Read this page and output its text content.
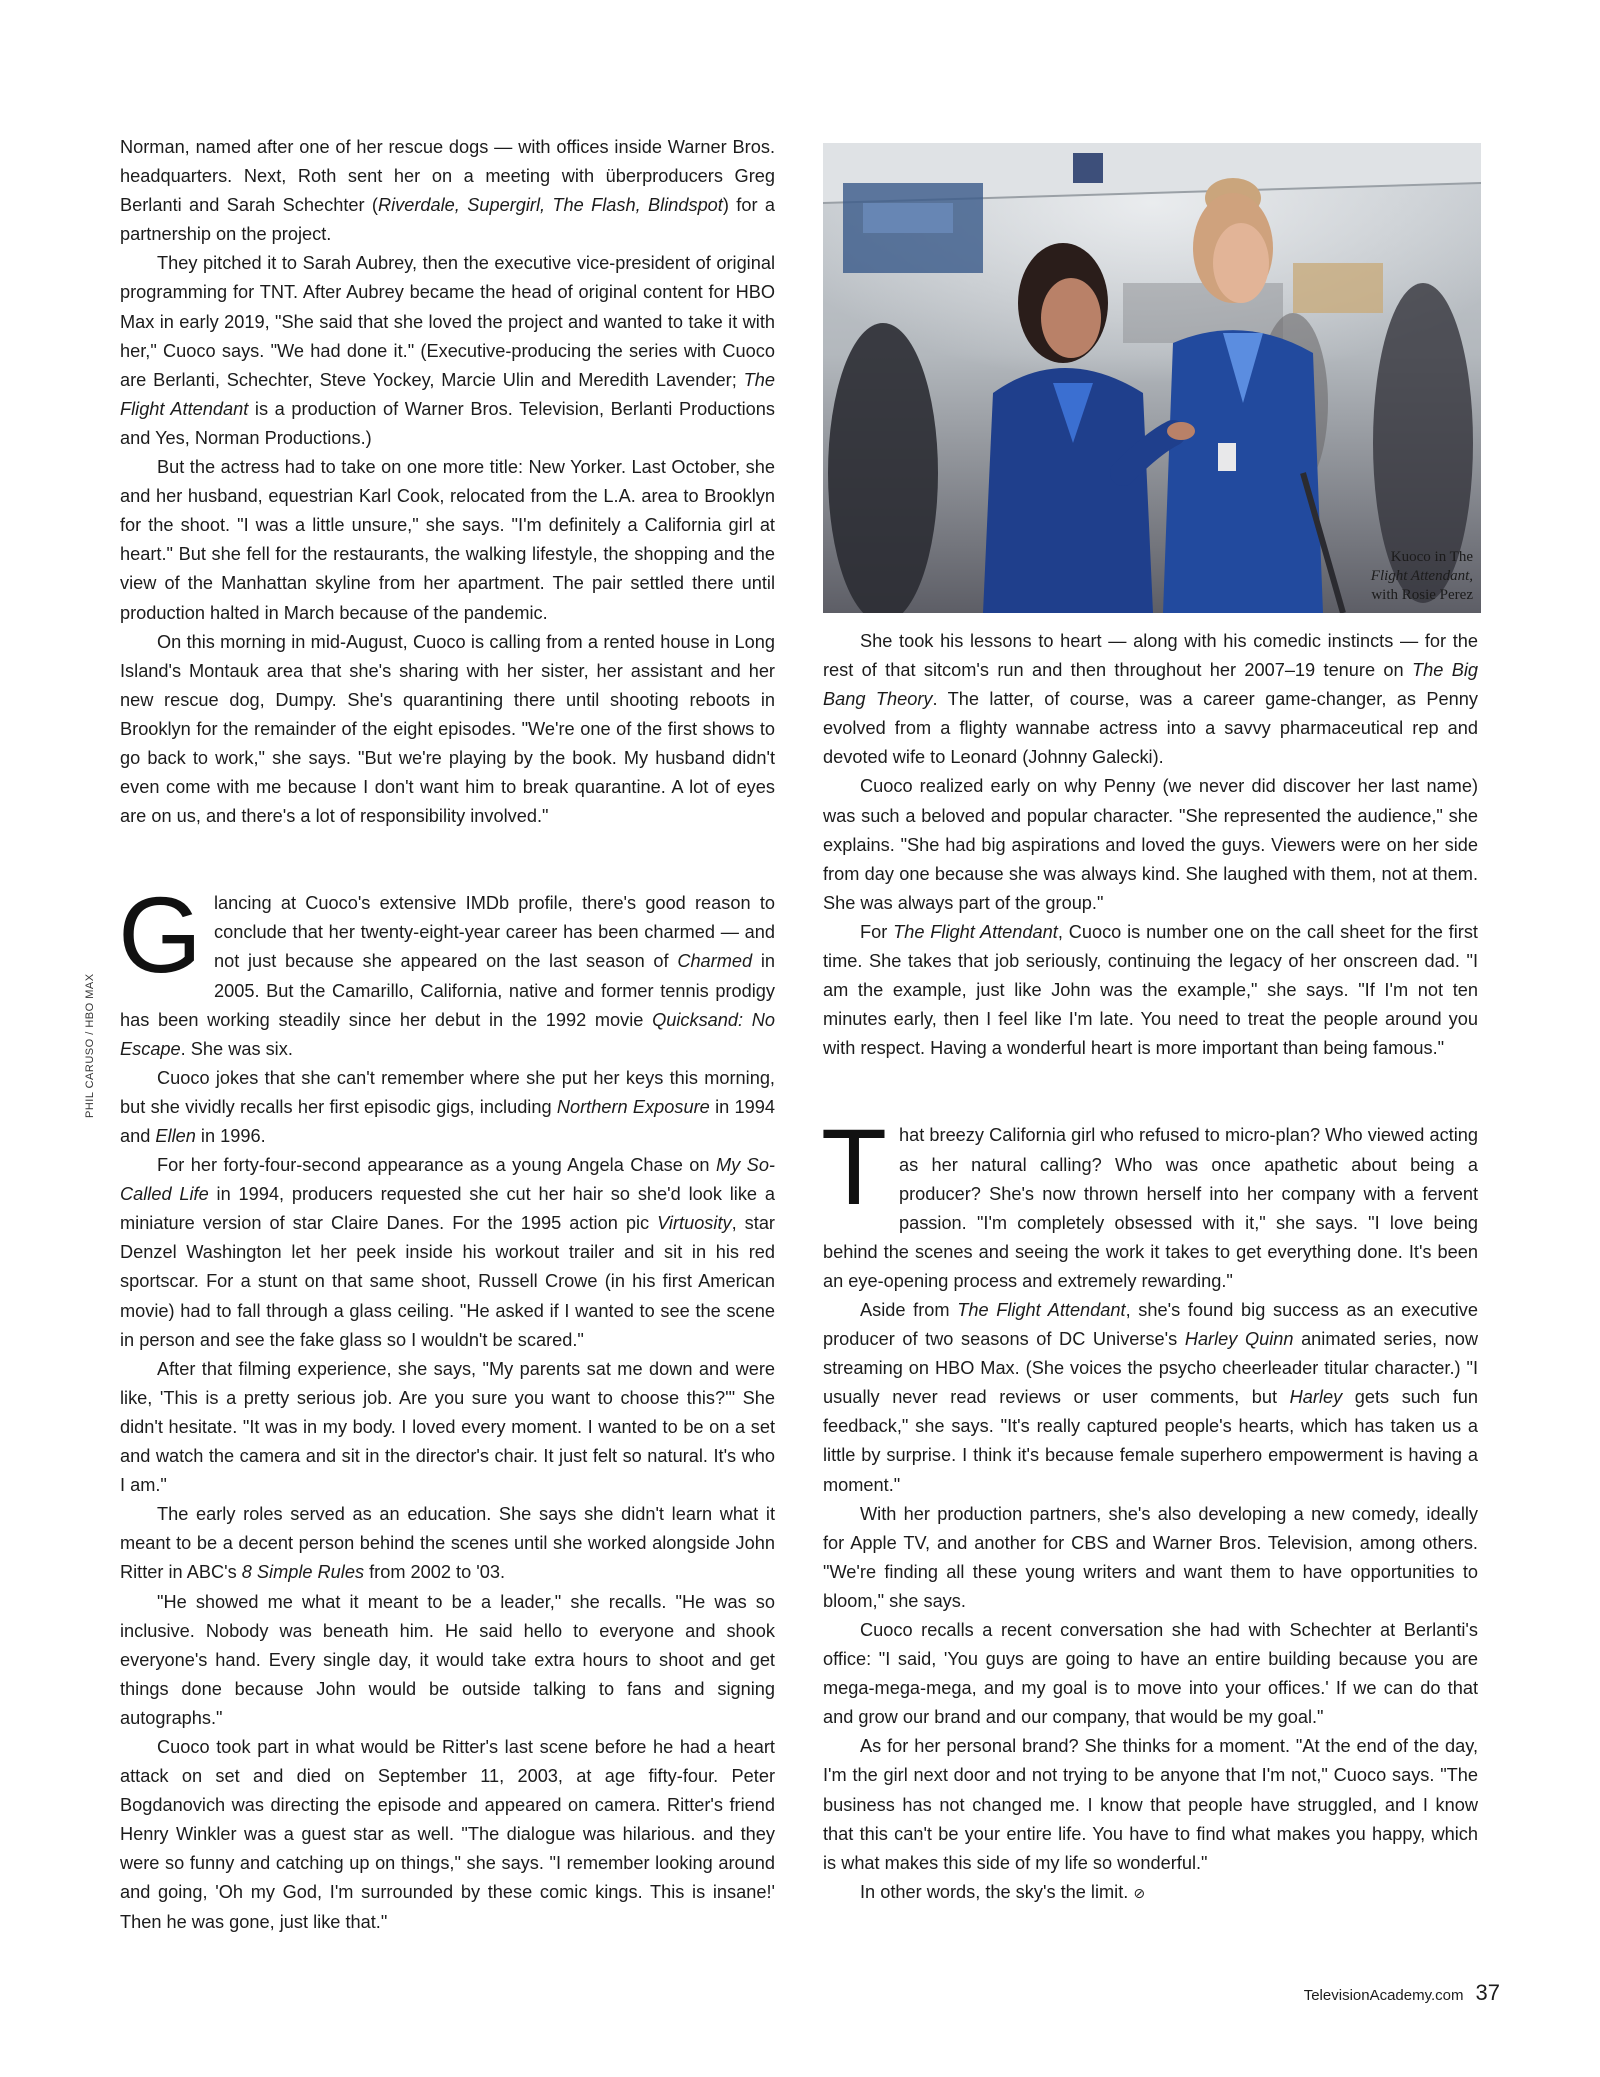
Kuoco in The
Flight Attendant,
with Rosie Perez
PHIL CARUSO / HBO MAX

Norman, named after one of her rescue dogs — with offices inside Warner Bros. headquarters. Next, Roth sent her on a meeting with überproducers Greg Berlanti and Sarah Schechter (Riverdale, Supergirl, The Flash, Blindspot) for a partnership on the project.

They pitched it to Sarah Aubrey, then the executive vice-president of original programming for TNT. After Aubrey became the head of original content for HBO Max in early 2019, "She said that she loved the project and wanted to take it with her," Cuoco says. "We had done it." (Executive-producing the series with Cuoco are Berlanti, Schechter, Steve Yockey, Marcie Ulin and Meredith Lavender; The Flight Attendant is a production of Warner Bros. Television, Berlanti Productions and Yes, Norman Productions.)

But the actress had to take on one more title: New Yorker. Last October, she and her husband, equestrian Karl Cook, relocated from the L.A. area to Brooklyn for the shoot. "I was a little unsure," she says. "I'm definitely a California girl at heart." But she fell for the restaurants, the walking lifestyle, the shopping and the view of the Manhattan skyline from her apartment. The pair settled there until production halted in March because of the pandemic.

On this morning in mid-August, Cuoco is calling from a rented house in Long Island's Montauk area that she's sharing with her sister, her assistant and her new rescue dog, Dumpy. She's quarantining there until shooting reboots in Brooklyn for the remainder of the eight episodes. "We're one of the first shows to go back to work," she says. "But we're playing by the book. My husband didn't even come with me because I don't want him to break quarantine. A lot of eyes are on us, and there's a lot of responsibility involved."

Glancing at Cuoco's extensive IMDb profile, there's good reason to conclude that her twenty-eight-year career has been charmed — and not just because she appeared on the last season of Charmed in 2005. But the Camarillo, California, native and former tennis prodigy has been working steadily since her debut in the 1992 movie Quicksand: No Escape. She was six.

Cuoco jokes that she can't remember where she put her keys this morning, but she vividly recalls her first episodic gigs, including Northern Exposure in 1994 and Ellen in 1996.

For her forty-four-second appearance as a young Angela Chase on My So-Called Life in 1994, producers requested she cut her hair so she'd look like a miniature version of star Claire Danes. For the 1995 action pic Virtuosity, star Denzel Washington let her peek inside his workout trailer and sit in his red sportscar. For a stunt on that same shoot, Russell Crowe (in his first American movie) had to fall through a glass ceiling. "He asked if I wanted to see the scene in person and see the fake glass so I wouldn't be scared."

After that filming experience, she says, "My parents sat me down and were like, 'This is a pretty serious job. Are you sure you want to choose this?'" She didn't hesitate. "It was in my body. I loved every moment. I wanted to be on a set and watch the camera and sit in the director's chair. It just felt so natural. It's who I am."

The early roles served as an education. She says she didn't learn what it meant to be a decent person behind the scenes until she worked alongside John Ritter in ABC's 8 Simple Rules from 2002 to '03.

"He showed me what it meant to be a leader," she recalls. "He was so inclusive. Nobody was beneath him. He said hello to everyone and shook everyone's hand. Every single day, it would take extra hours to shoot and get things done because John would be outside talking to fans and signing autographs."

Cuoco took part in what would be Ritter's last scene before he had a heart attack on set and died on September 11, 2003, at age fifty-four. Peter Bogdanovich was directing the episode and appeared on camera. Ritter's friend Henry Winkler was a guest star as well. "The dialogue was hilarious. and they were so funny and catching up on things," she says. "I remember looking around and going, 'Oh my God, I'm surrounded by these comic kings. This is insane!' Then he was gone, just like that."

She took his lessons to heart — along with his comedic instincts — for the rest of that sitcom's run and then throughout her 2007–19 tenure on The Big Bang Theory. The latter, of course, was a career game-changer, as Penny evolved from a flighty wannabe actress into a savvy pharmaceutical rep and devoted wife to Leonard (Johnny Galecki).

Cuoco realized early on why Penny (we never did discover her last name) was such a beloved and popular character. "She represented the audience," she explains. "She had big aspirations and loved the guys. Viewers were on her side from day one because she was always kind. She laughed with them, not at them. She was always part of the group."

For The Flight Attendant, Cuoco is number one on the call sheet for the first time. She takes that job seriously, continuing the legacy of her onscreen dad. "I am the example, just like John was the example," she says. "If I'm not ten minutes early, then I feel like I'm late. You need to treat the people around you with respect. Having a wonderful heart is more important than being famous."

That breezy California girl who refused to micro-plan? Who viewed acting as her natural calling? Who was once apathetic about being a producer? She's now thrown herself into her company with a fervent passion. "I'm completely obsessed with it," she says. "I love being behind the scenes and seeing the work it takes to get everything done. It's been an eye-opening process and extremely rewarding."

Aside from The Flight Attendant, she's found big success as an executive producer of two seasons of DC Universe's Harley Quinn animated series, now streaming on HBO Max. (She voices the psycho cheerleader titular character.) "I usually never read reviews or user comments, but Harley gets such fun feedback," she says. "It's really captured people's hearts, which has taken us a little by surprise. I think it's because female superhero empowerment is having a moment."

With her production partners, she's also developing a new comedy, ideally for Apple TV, and another for CBS and Warner Bros. Television, among others. "We're finding all these young writers and want them to have opportunities to bloom," she says.

Cuoco recalls a recent conversation she had with Schechter at Berlanti's office: "I said, 'You guys are going to have an entire building because you are mega-mega-mega, and my goal is to move into your offices.' If we can do that and grow our brand and our company, that would be my goal."

As for her personal brand? She thinks for a moment. "At the end of the day, I'm the girl next door and not trying to be anyone that I'm not," Cuoco says. "The business has not changed me. I know that people have struggled, and I know that this can't be your entire life. You have to find what makes you happy, which is what makes this side of my life so wonderful."

In other words, the sky's the limit. ⊘

TelevisionAcademy.com 37
